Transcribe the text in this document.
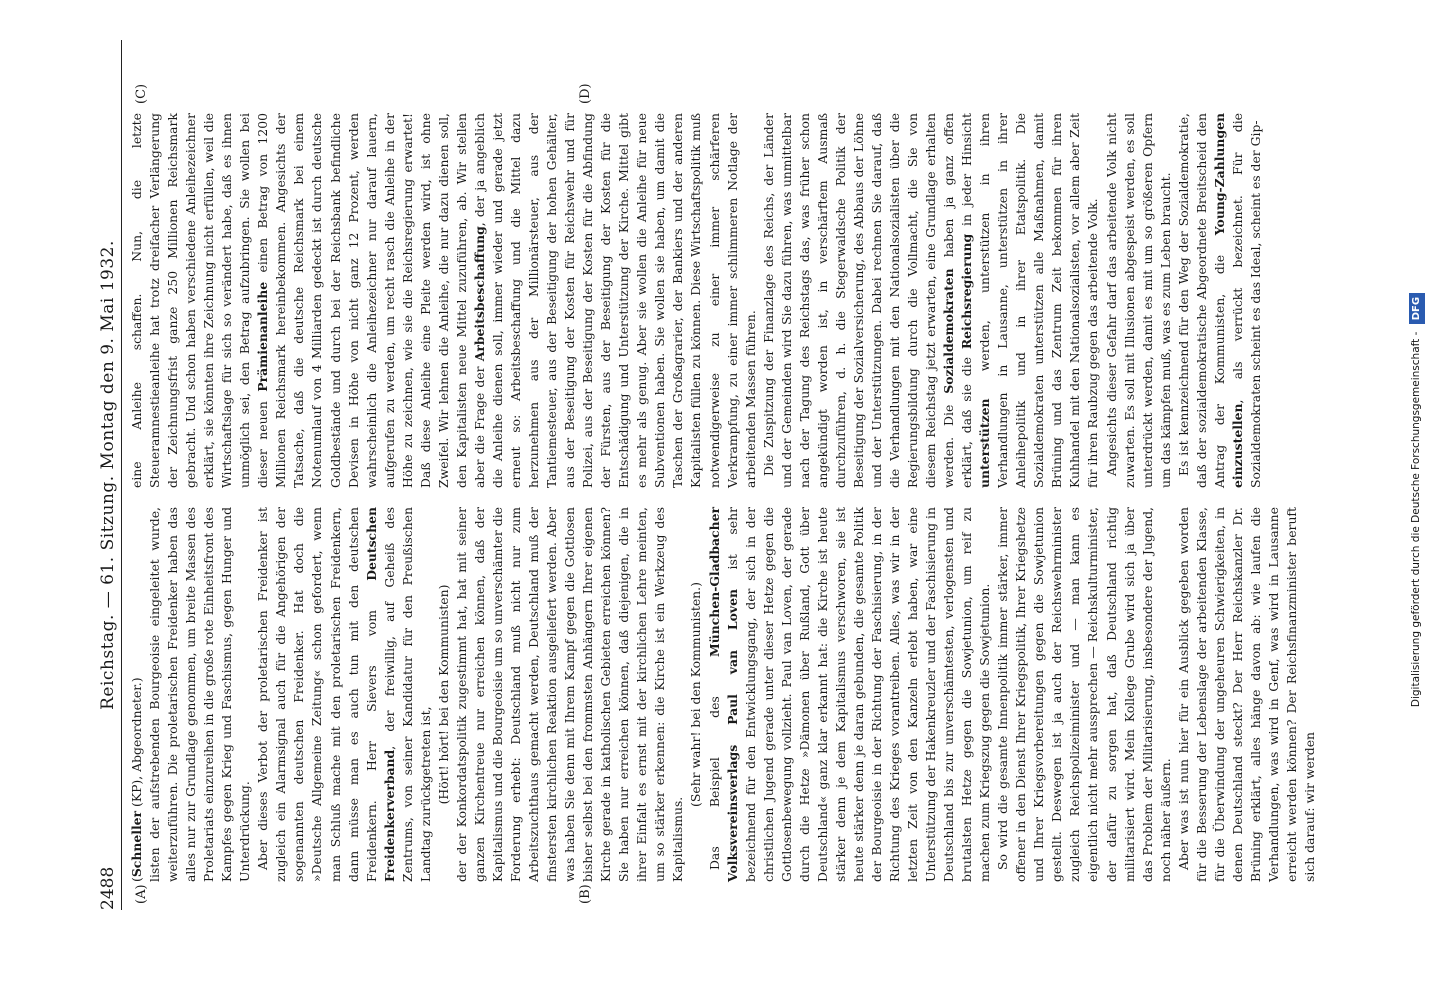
2488
Reichstag. — 61. Sitzung. Montag den 9. Mai 1932.
(A)	(B)
(C)	(D)

(Schneller (KP), Abgeordneter.) listen der aufstrebenden Bourgeoisie eingeleitet wurde, weiterzuführen. Die proletarischen Freidenker haben das alles nur zur Grundlage genommen, um breite Massen des Proletariats einzureihen in die große rote Einheitsfront des Kampfes gegen Krieg und Faschismus, gegen Hunger und Unterdrückung. Aber dieses Verbot der proletarischen Freidenker ist zugleich ein Alarmsignal auch für die Angehörigen der sogenannten deutschen Freidenker. Hat doch die »Deutsche Allgemeine Zeitung« schon gefordert, wenn man Schluß mache mit den proletarischen Freidenkern, dann müsse man es auch tun mit den deutschen Freidenkern. Herr Sievers vom Deutschen Freidenkerverband, der freiwillig, auf Geheiß des Zentrums, von seiner Kandidatur für den Preußischen Landtag zurückgetreten ist, (Hört! hört! bei den Kommunisten) der der Konkordatspolitik zugestimmt hat, hat mit seiner ganzen Kirchentreue nur erreichen können, daß der Kapitalismus und die Bourgeoisie um so unverschämter die Forderung erhebt: Deutschland muß nicht nur zum Arbeitszuchthaus gemacht werden, Deutschland muß der finstersten kirchlichen Reaktion ausgeliefert werden. Aber was haben Sie denn mit Ihrem Kampf gegen die Gottlosen bisher selbst bei den frommsten Anhängern Ihrer eigenen Kirche gerade in katholischen Gebieten erreichen können? Sie haben nur erreichen können, daß diejenigen, die in ihrer Einfalt es ernst mit der kirchlichen Lehre meinten, um so stärker erkennen: die Kirche ist ein Werkzeug des Kapitalismus.

(Sehr wahr! bei den Kommunisten.) Das Beispiel des München-Gladbacher Volksvereinsverlags Paul van Loven ist sehr bezeichnend für den Entwicklungsgang, der sich in der christlichen Jugend gerade unter dieser Hetze gegen die Gottlosenbewegung vollzieht. Paul van Loven, der gerade durch die Hetze »Dämonen über Rußland, Gott über Deutschland« ganz klar erkannt hat: die Kirche ist heute stärker denn je dem Kapitalismus verschworen, sie ist heute stärker denn je daran gebunden, die gesamte Politik der Bourgeoisie in der Richtung der Faschisierung, in der Richtung des Krieges vorantreiben. Alles, was wir in der letzten Zeit von den Kanzeln erlebt haben, war eine Unterstützung der Hakenkreuzler und der Faschisierung in Deutschland bis zur unverschämtesten, verlogensten und brutalsten Hetze gegen die Sowjetunion, um reif zu machen zum Kriegszug gegen die Sowjetunion. So wird die gesamte Innenpolitik immer stärker, immer offener in den Dienst Ihrer Kriegspolitik, Ihrer Kriegshetze und Ihrer Kriegsvorbereitungen gegen die Sowjetunion gestellt. Deswegen ist ja auch der Reichswehrminister zugleich Reichspolizeiminister und — man kann es eigentlich nicht mehr aussprechen — Reichskulturminister, der dafür zu sorgen hat, daß Deutschland richtig militarisiert wird. Mein Kollege Grube wird sich ja über das Problem der Militarisierung, insbesondere der Jugend, noch näher äußern. Aber was ist nun hier für ein Ausblick gegeben worden für die Besserung der Lebenslage der arbeitenden Klasse, für die Überwindung der ungeheuren Schwierigkeiten, in denen Deutschland steckt? Der Herr Reichskanzler Dr. Brüning erklärt, alles hänge davon ab: wie laufen die Verhandlungen, was wird in Genf, was wird in Lausanne erreicht werden können? Der Reichsfinanzminister beruft sich darauf: wir werden

eine Anleihe schaffen. Nun, die letzte Steueramnestieanleihe hat trotz dreifacher Verlängerung der Zeichnungsfrist ganze 250 Millionen Reichsmark gebracht. Und schon haben verschiedene Anleihezeichner erklärt, sie könnten ihre Zeichnung nicht erfüllen, weil die Wirtschaftslage für sich so verändert habe, daß es ihnen unmöglich sei, den Betrag aufzubringen. Sie wollen bei dieser neuen Prämienanleihe einen Betrag von 1200 Millionen Reichsmark hereinbekommen. Angesichts der Tatsache, daß die deutsche Reichsmark bei einem Notenumlauf von 4 Milliarden gedeckt ist durch deutsche Goldbestände und durch bei der Reichsbank befindliche Devisen in Höhe von nicht ganz 12 Prozent, werden wahrscheinlich die Anleihezeichner nur darauf lauern, aufgerufen zu werden, um recht rasch die Anleihe in der Höhe zu zeichnen, wie sie die Reichsregierung erwartet! Daß diese Anleihe eine Pleite werden wird, ist ohne Zweifel. Wir lehnen die Anleihe, die nur dazu dienen soll, den Kapitalisten neue Mittel zuzuführen, ab. Wir stellen aber die Frage der Arbeitsbeschaffung, der ja angeblich die Anleihe dienen soll, immer wieder und gerade jetzt erneut so: Arbeitsbeschaffung und die Mittel dazu herzunehmen aus der Millionärsteuer, aus der Tantiemesteuer, aus der Beseitigung der hohen Gehälter, aus der Beseitigung der Kosten für Reichswehr und für Polizei, aus der Beseitigung der Kosten für die Abfindung der Fürsten, aus der Beseitigung der Kosten für die Entschädigung und Unterstützung der Kirche. Mittel gibt es mehr als genug. Aber sie wollen die Anleihe für neue Subventionen haben. Sie wollen sie haben, um damit die Taschen der Großagrarier, der Bankiers und der anderen Kapitalisten füllen zu können. Diese Wirtschaftspolitik muß notwendigerweise zu einer immer schärferen Verkrampfung, zu einer immer schlimmeren Notlage der arbeitenden Massen führen. Die Zuspitzung der Finanzlage des Reichs, der Länder und der Gemeinden wird Sie dazu führen, was unmittelbar nach der Tagung des Reichstags das, was früher schon angekündigt worden ist, in verschärftem Ausmaß durchzuführen, d. h. die Stegerwaldsche Politik der Beseitigung der Sozialversicherung, des Abbaus der Löhne und der Unterstützungen. Dabei rechnen Sie darauf, daß die Verhandlungen mit den Nationalsozialisten über die Regierungsbildung durch die Vollmacht, die Sie von diesem Reichstag jetzt erwarten, eine Grundlage erhalten werden. Die Sozialdemokraten haben ja ganz offen erklärt, daß sie die Reichsregierung in jeder Hinsicht unterstützen werden, unterstützen in ihren Verhandlungen in Lausanne, unterstützen in ihrer Anleihepolitik und in ihrer Etatspolitik. Die Sozialdemokraten unterstützen alle Maßnahmen, damit Brüning und das Zentrum Zeit bekommen für ihren Kuhhandel mit den Nationalsozialisten, vor allem aber Zeit für ihren Raubzug gegen das arbeitende Volk. Angesichts dieser Gefahr darf das arbeitende Volk nicht zuwarten. Es soll mit Illusionen abgespeist werden, es soll unterdrückt werden, damit es mit um so größeren Opfern um das kämpfen muß, was es zum Leben braucht. Es ist kennzeichnend für den Weg der Sozialdemokratie, daß der sozialdemokratische Abgeordnete Breitscheid den Antrag der Kommunisten, die Young-Zahlungen einzustellen, als verrückt bezeichnet. Für die Sozialdemokraten scheint es das Ideal, scheint es der Gip-

Digitalisierung gefördert durch die Deutsche Forschungsgemeinschaft - DFG
